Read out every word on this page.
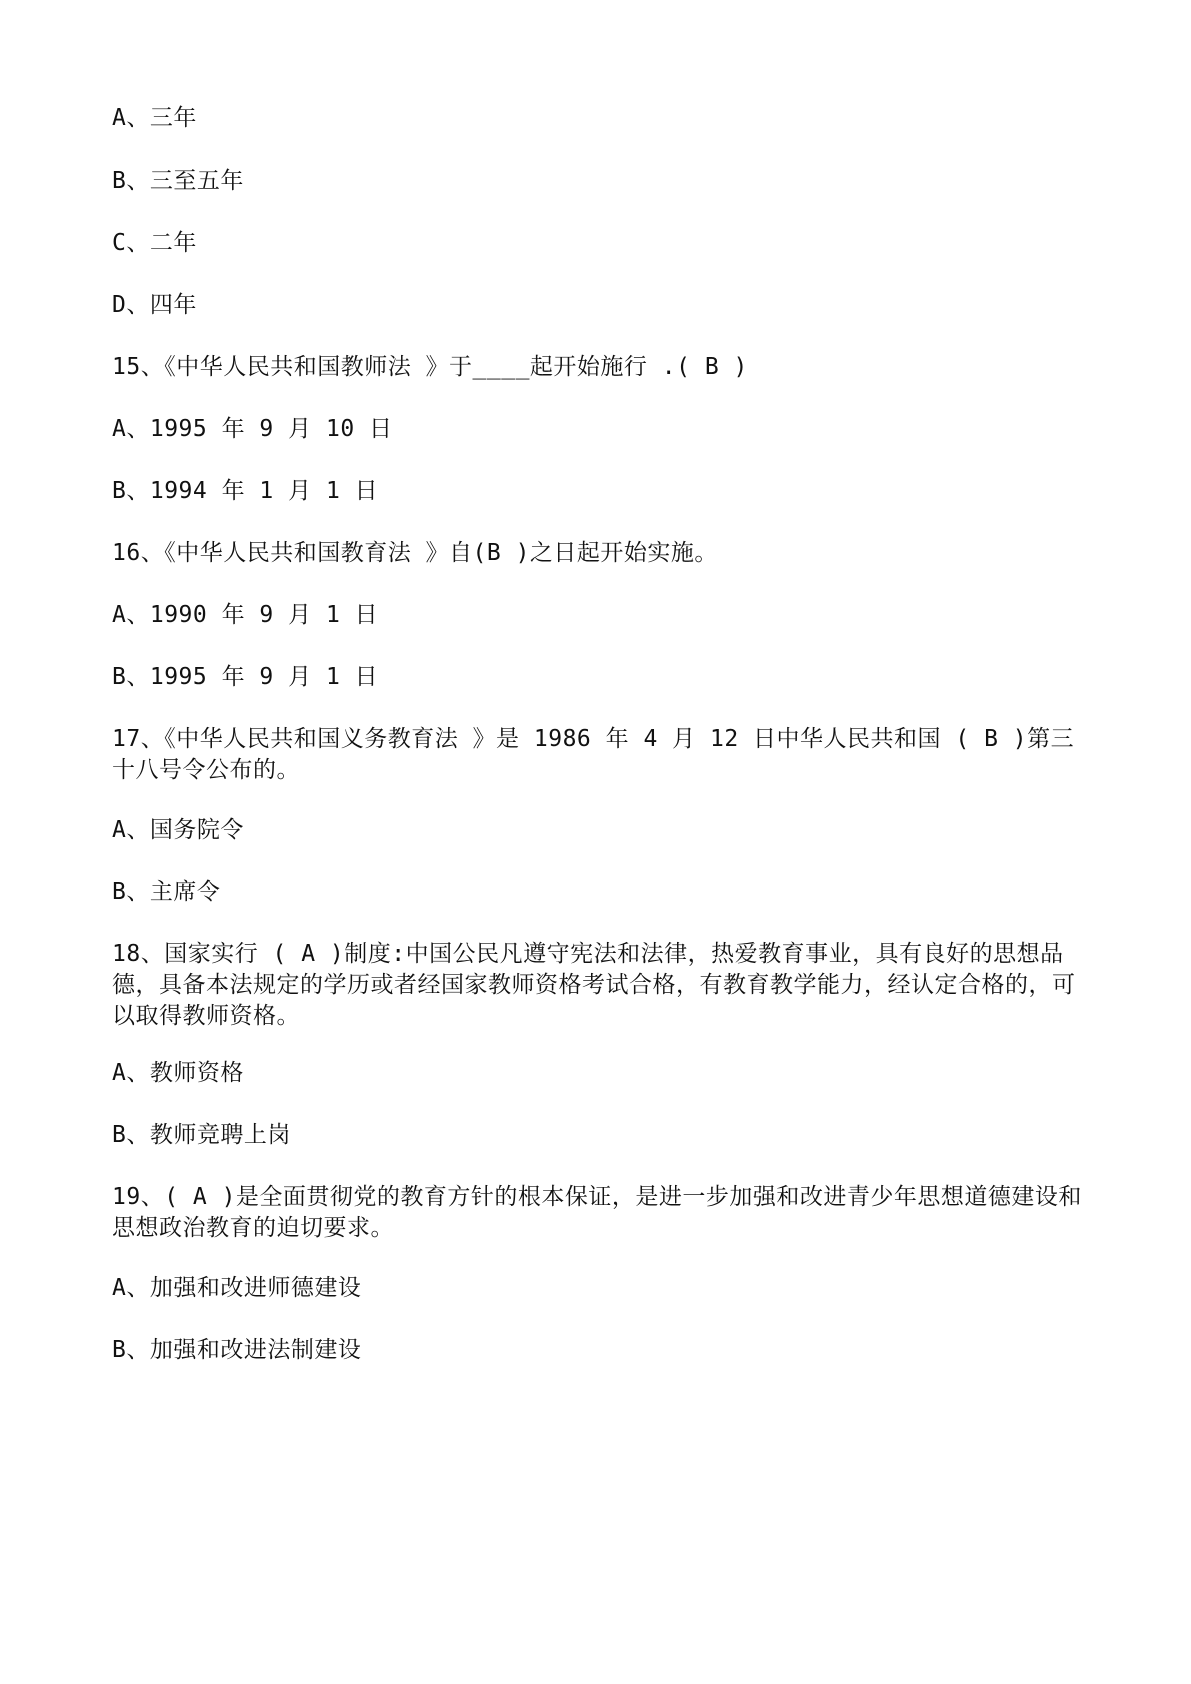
A、三年
B、三至五年
C、二年
D、四年
15、《中华人民共和国教师法 》于____起开始施行 .( B )
A、1995 年 9 月 10 日
B、1994 年 1 月 1 日
16、《中华人民共和国教育法 》自(B )之日起开始实施。
A、1990 年 9 月 1 日
B、1995 年 9 月 1 日
17、《中华人民共和国义务教育法 》是 1986 年 4 月 12 日中华人民共和国 ( B )第三十八号令公布的。
A、国务院令
B、主席令
18、国家实行 ( A )制度:中国公民凡遵守宪法和法律，热爱教育事业，具有良好的思想品德，具备本法规定的学历或者经国家教师资格考试合格，有教育教学能力，经认定合格的，可以取得教师资格。
A、教师资格
B、教师竞聘上岗
19、( A )是全面贯彻党的教育方针的根本保证，是进一步加强和改进青少年思想道德建设和思想政治教育的迫切要求。
A、加强和改进师德建设
B、加强和改进法制建设
